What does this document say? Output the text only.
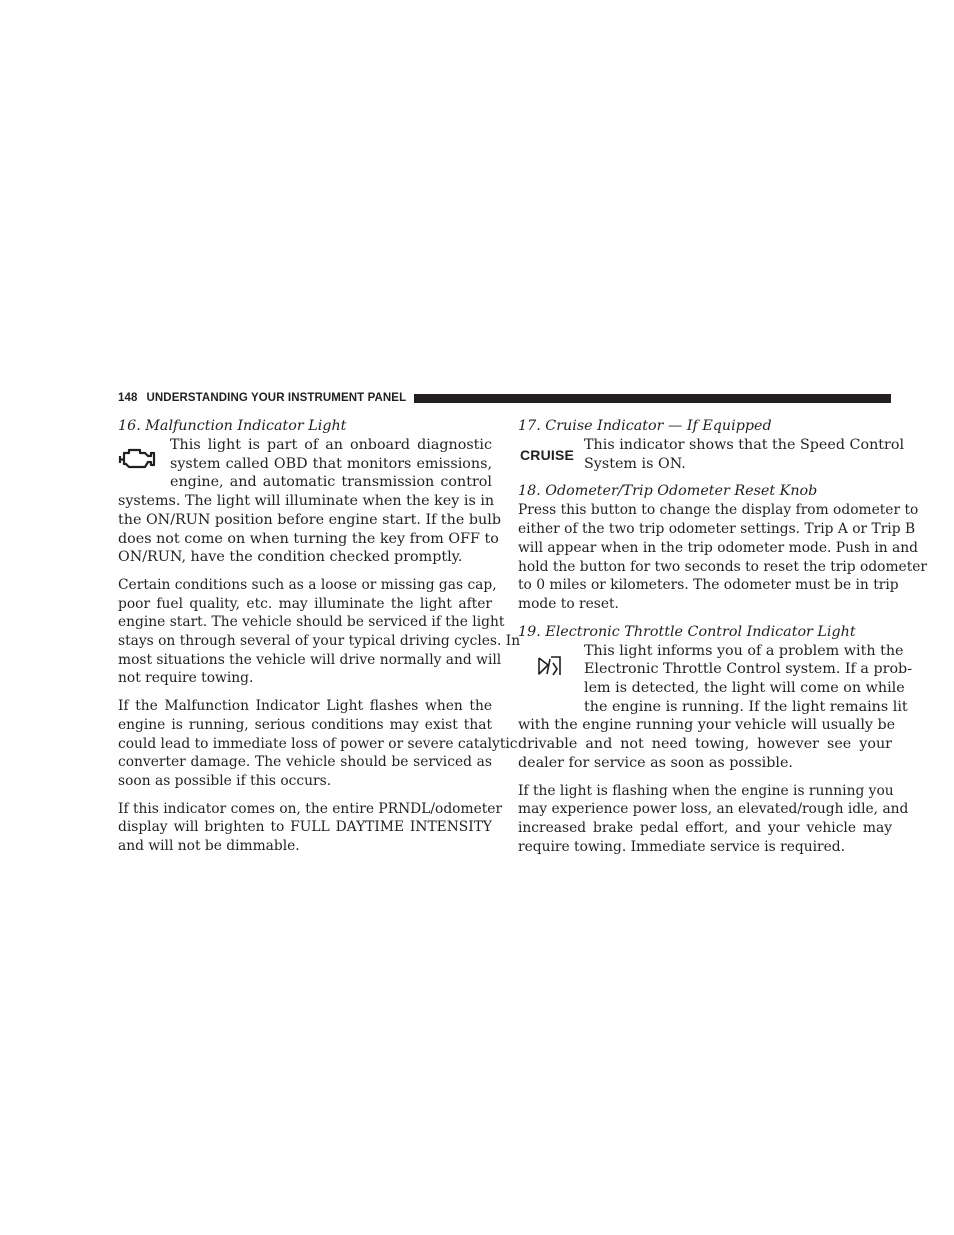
148 UNDERSTANDING YOUR INSTRUMENT PANEL

16. Malfunction Indicator Light

This light is part of an onboard diagnostic
system called OBD that monitors emissions,
engine, and automatic transmission control
systems. The light will illuminate when the key is in
the ON/RUN position before engine start. If the bulb
does not come on when turning the key from OFF to
ON/RUN, have the condition checked promptly.
Certain conditions such as a loose or missing gas cap,
poor fuel quality, etc. may illuminate the light after
engine start. The vehicle should be serviced if the light
stays on through several of your typical driving cycles. In
most situations the vehicle will drive normally and will
not require towing.
If the Malfunction Indicator Light flashes when the
engine is running, serious conditions may exist that
could lead to immediate loss of power or severe catalytic
converter damage. The vehicle should be serviced as
soon as possible if this occurs.
If this indicator comes on, the entire PRNDL/odometer
display will brighten to FULL DAYTIME INTENSITY
and will not be dimmable.

17. Cruise Indicator — If Equipped

CRUISE
This indicator shows that the Speed Control
System is ON.

18. Odometer/Trip Odometer Reset Knob

Press this button to change the display from odometer to
either of the two trip odometer settings. Trip A or Trip B
will appear when in the trip odometer mode. Push in and
hold the button for two seconds to reset the trip odometer
to 0 miles or kilometers. The odometer must be in trip
mode to reset.

19. Electronic Throttle Control Indicator Light

This light informs you of a problem with the
Electronic Throttle Control system. If a prob-
lem is detected, the light will come on while
the engine is running. If the light remains lit
with the engine running your vehicle will usually be
drivable and not need towing, however see your
dealer for service as soon as possible.
If the light is flashing when the engine is running you
may experience power loss, an elevated/rough idle, and
increased brake pedal effort, and your vehicle may
require towing. Immediate service is required.
